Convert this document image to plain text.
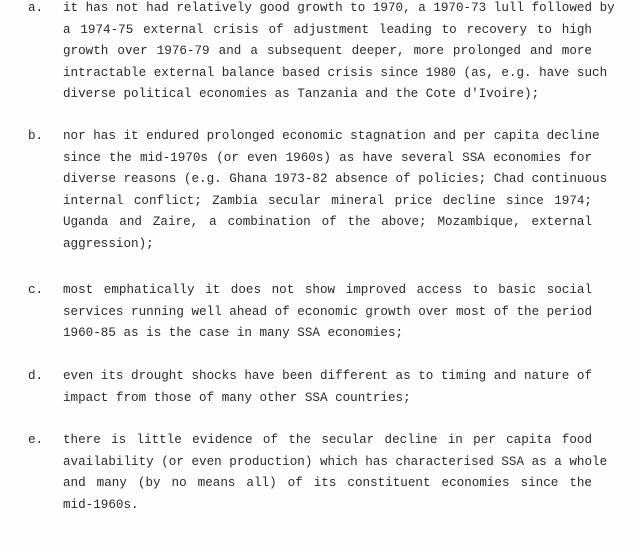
a. it has not had relatively good growth to 1970, a 1970-73 lull followed by
a 1974-75 external crisis of adjustment leading to recovery to high
growth over 1976-79 and a subsequent deeper, more prolonged and more
intractable external balance based crisis since 1980 (as, e.g. have such
diverse political economies as Tanzania and the Cote d'Ivoire);
b. nor has it endured prolonged economic stagnation and per capita decline
since the mid-1970s (or even 1960s) as have several SSA economies for
diverse reasons (e.g. Ghana 1973-82 absence of policies; Chad continuous
internal conflict; Zambia secular mineral price decline since 1974;
Uganda and Zaire, a combination of the above; Mozambique, external
aggression);
c. most emphatically it does not show improved access to basic social
services running well ahead of economic growth over most of the period
1960-85 as is the case in many SSA economies;
d. even its drought shocks have been different as to timing and nature of
impact from those of many other SSA countries;
e. there is little evidence of the secular decline in per capita food
availability (or even production) which has characterised SSA as a whole
and many (by no means all) of its constituent economies since the
mid-1960s.
